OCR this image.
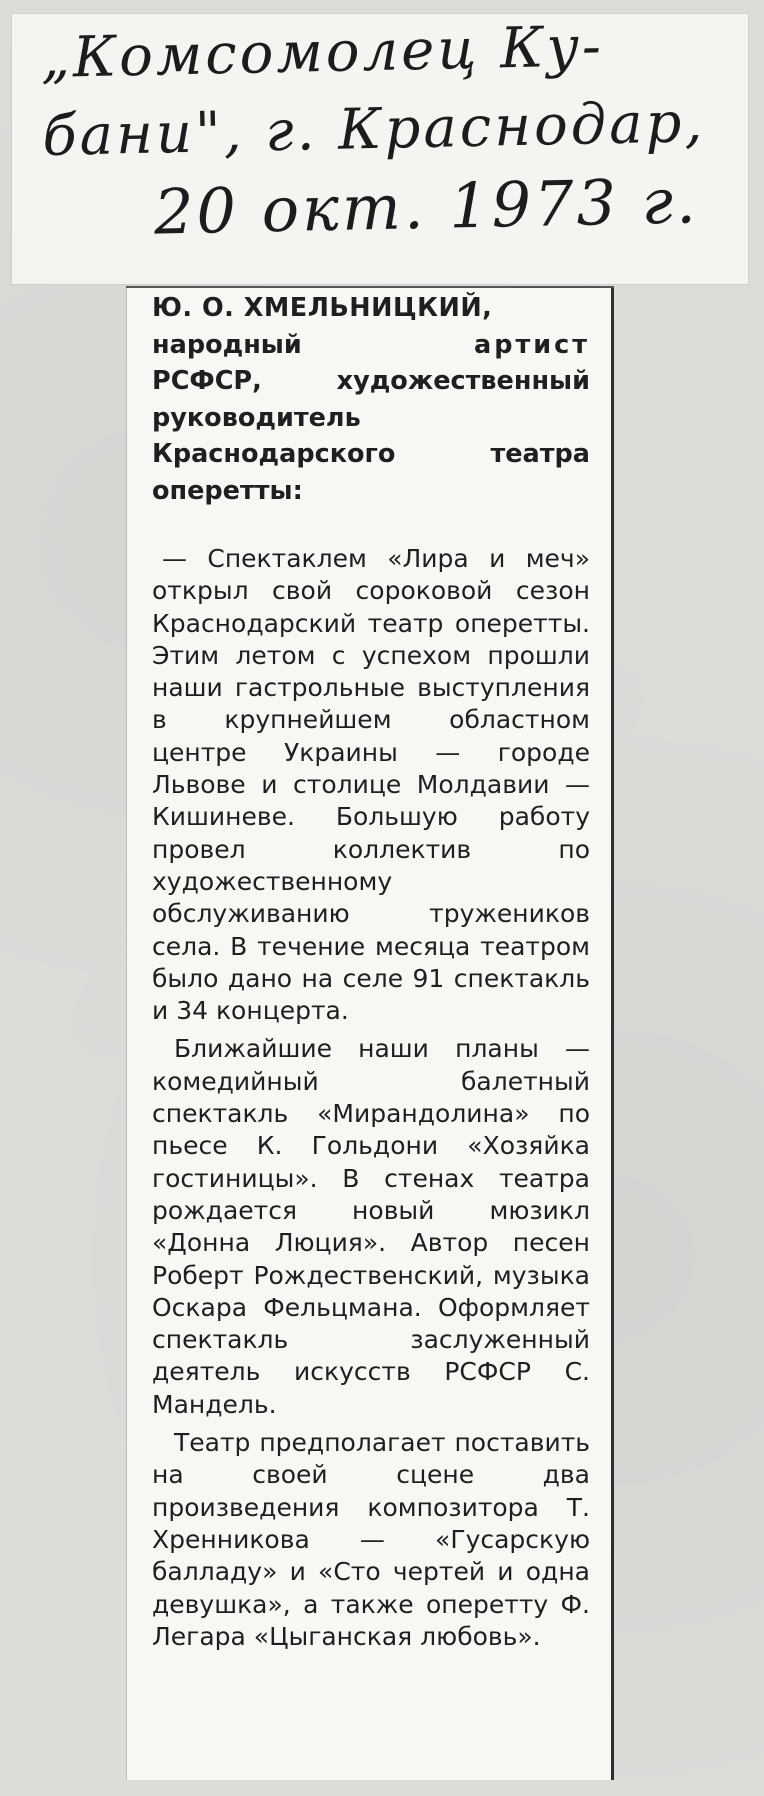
„Комсомолец Ку-
бани", г. Краснодар,
20 окт. 1973 г.
Ю. О. ХМЕЛЬНИЦКИЙ,
народный	артист РСФСР, художественный руководитель Краснодарского театра оперетты:

— Спектаклем «Лира и меч» открыл свой сороковой сезон Краснодарский театр оперетты. Этим летом с успехом прошли наши гастрольные выступления в крупнейшем областном центре Украины — городе Львове и столице Молдавии — Кишиневе. Большую работу провел коллектив по художественному обслуживанию тружеников села. В течение месяца театром было дано на селе 91 спектакль и 34 концерта.

Ближайшие наши планы — комедийный балетный спектакль «Мирандолина» по пьесе К. Гольдони «Хозяйка гостиницы». В стенах театра рождается новый мюзикл «Донна Люция». Автор песен Роберт Рождественский, музыка Оскара Фельцмана. Оформляет спектакль заслуженный деятель искусств РСФСР С. Мандель.

Театр предполагает поставить на своей сцене два произведения композитора Т. Хренникова — «Гусарскую балладу» и «Сто чертей и одна девушка», а также оперетту Ф. Легара «Цыганская любовь».
